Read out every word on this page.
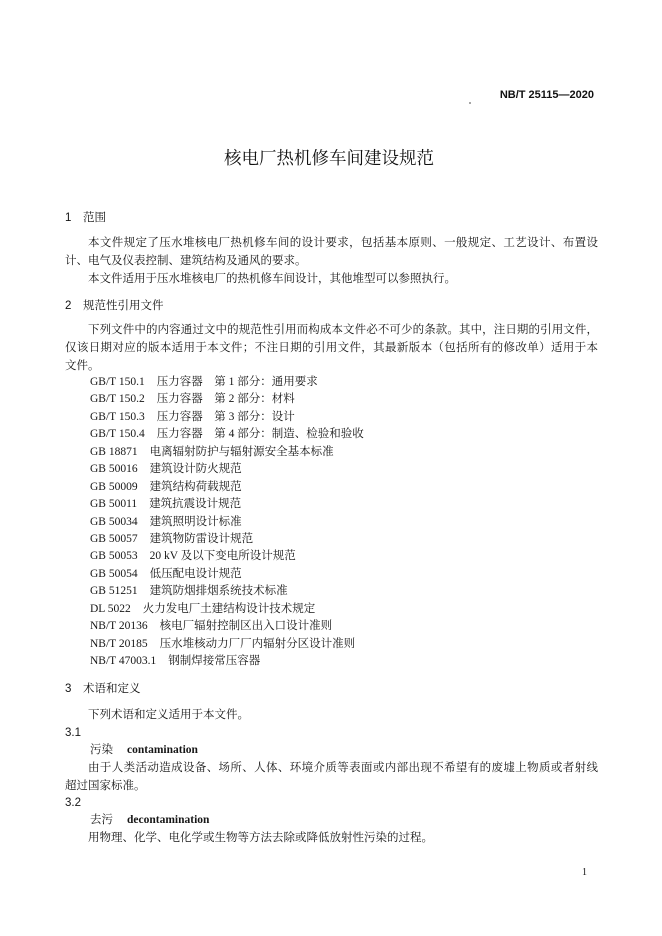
NB/T 25115—2020
核电厂热机修车间建设规范
1 范围
本文件规定了压水堆核电厂热机修车间的设计要求，包括基本原则、一般规定、工艺设计、布置设
计、电气及仪表控制、建筑结构及通风的要求。
本文件适用于压水堆核电厂的热机修车间设计，其他堆型可以参照执行。
2 规范性引用文件
下列文件中的内容通过文中的规范性引用而构成本文件必不可少的条款。其中，注日期的引用文件，
仅该日期对应的版本适用于本文件；不注日期的引用文件，其最新版本（包括所有的修改单）适用于本
文件。
GB/T 150.1 压力容器　第 1 部分：通用要求
GB/T 150.2 压力容器　第 2 部分：材料
GB/T 150.3 压力容器　第 3 部分：设计
GB/T 150.4 压力容器　第 4 部分：制造、检验和验收
GB 18871 电离辐射防护与辐射源安全基本标准
GB 50016 建筑设计防火规范
GB 50009 建筑结构荷载规范
GB 50011 建筑抗震设计规范
GB 50034 建筑照明设计标准
GB 50057 建筑物防雷设计规范
GB 50053 20 kV 及以下变电所设计规范
GB 50054 低压配电设计规范
GB 51251 建筑防烟排烟系统技术标准
DL 5022 火力发电厂土建结构设计技术规定
NB/T 20136 核电厂辐射控制区出入口设计准则
NB/T 20185 压水堆核动力厂厂内辐射分区设计准则
NB/T 47003.1 钢制焊接常压容器
3 术语和定义
下列术语和定义适用于本文件。
3.1
污染 contamination
由于人类活动造成设备、场所、人体、环境介质等表面或内部出现不希望有的废墟上物质或者射线
超过国家标准。
3.2
去污 decontamination
用物理、化学、电化学或生物等方法去除或降低放射性污染的过程。
1
